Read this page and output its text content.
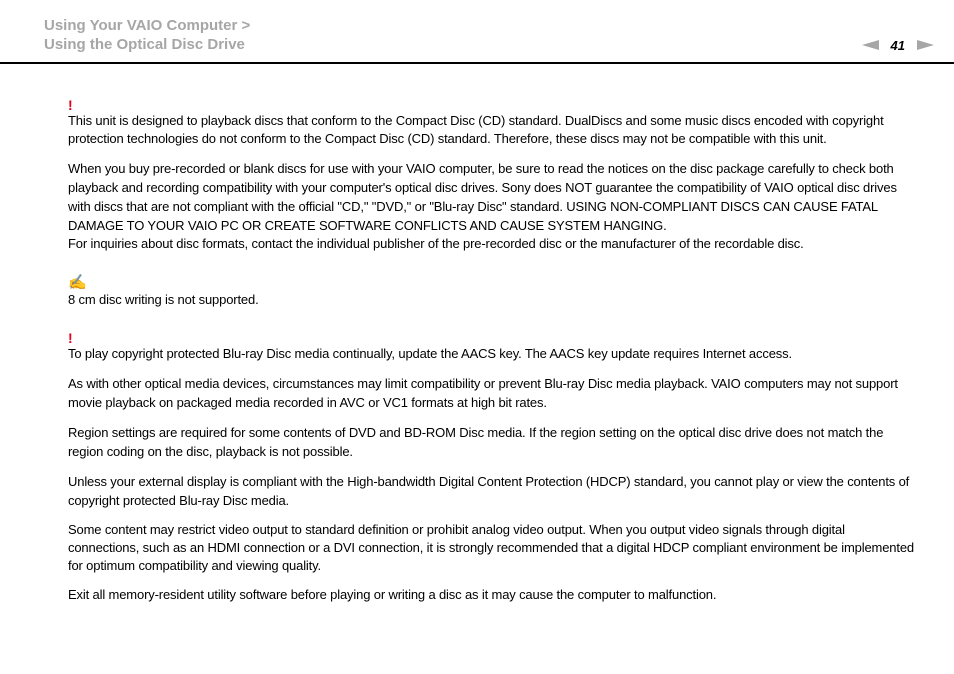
Using Your VAIO Computer >
Using the Optical Disc Drive	41
!

This unit is designed to playback discs that conform to the Compact Disc (CD) standard. DualDiscs and some music discs encoded with copyright protection technologies do not conform to the Compact Disc (CD) standard. Therefore, these discs may not be compatible with this unit.

When you buy pre-recorded or blank discs for use with your VAIO computer, be sure to read the notices on the disc package carefully to check both playback and recording compatibility with your computer's optical disc drives. Sony does NOT guarantee the compatibility of VAIO optical disc drives with discs that are not compliant with the official "CD," "DVD," or "Blu-ray Disc" standard. USING NON-COMPLIANT DISCS CAN CAUSE FATAL DAMAGE TO YOUR VAIO PC OR CREATE SOFTWARE CONFLICTS AND CAUSE SYSTEM HANGING.

For inquiries about disc formats, contact the individual publisher of the pre-recorded disc or the manufacturer of the recordable disc.

✍

8 cm disc writing is not supported.

!

To play copyright protected Blu-ray Disc media continually, update the AACS key. The AACS key update requires Internet access.

As with other optical media devices, circumstances may limit compatibility or prevent Blu-ray Disc media playback. VAIO computers may not support movie playback on packaged media recorded in AVC or VC1 formats at high bit rates.

Region settings are required for some contents of DVD and BD-ROM Disc media. If the region setting on the optical disc drive does not match the region coding on the disc, playback is not possible.

Unless your external display is compliant with the High-bandwidth Digital Content Protection (HDCP) standard, you cannot play or view the contents of copyright protected Blu-ray Disc media.

Some content may restrict video output to standard definition or prohibit analog video output. When you output video signals through digital connections, such as an HDMI connection or a DVI connection, it is strongly recommended that a digital HDCP compliant environment be implemented for optimum compatibility and viewing quality.

Exit all memory-resident utility software before playing or writing a disc as it may cause the computer to malfunction.
